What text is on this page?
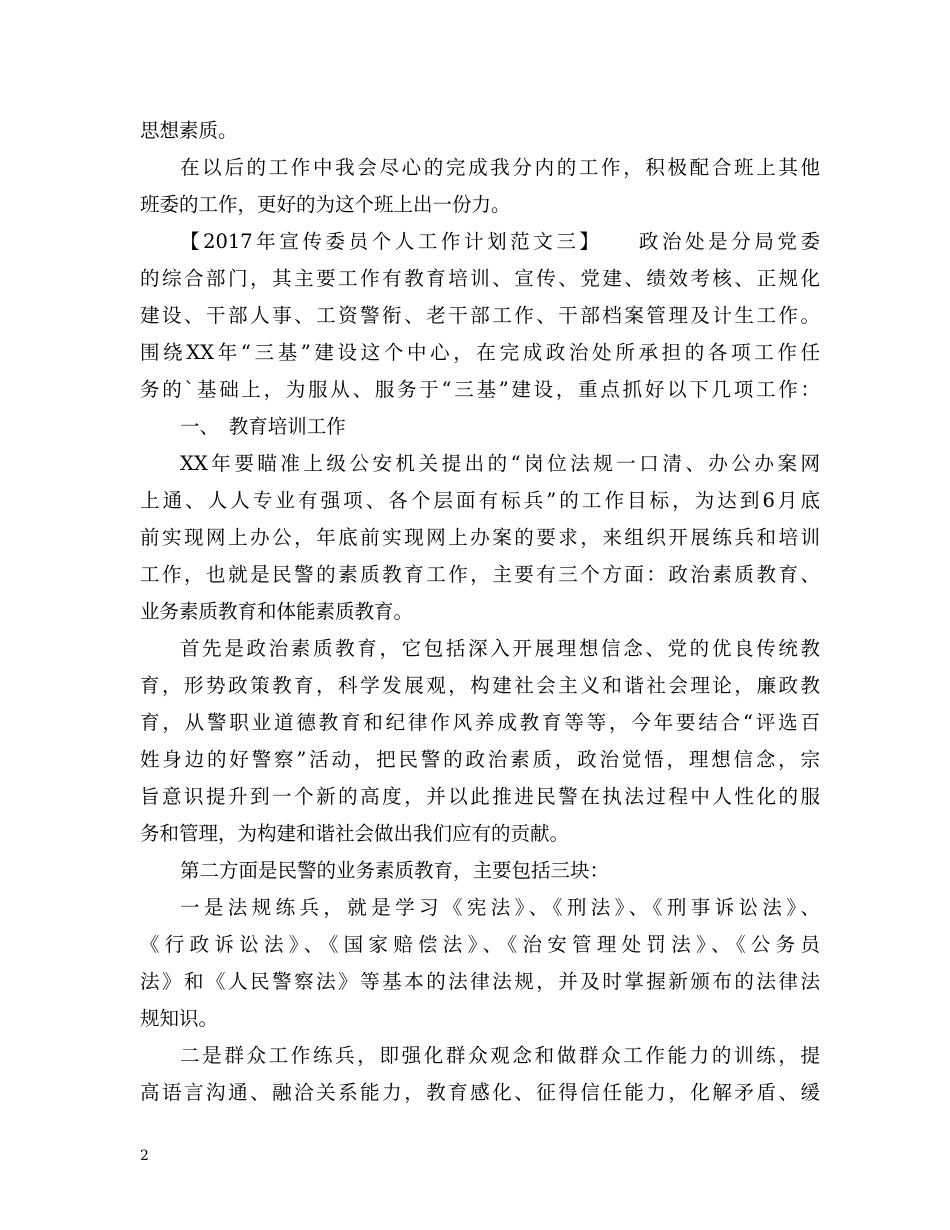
思想素质。
在以后的工作中我会尽心的完成我分内的工作，积极配合班上其他
班委的工作，更好的为这个班上出一份力。
【2017年宣传委员个人工作计划范文三】　　政治处是分局党委
的综合部门，其主要工作有教育培训、宣传、党建、绩效考核、正规化
建设、干部人事、工资警衔、老干部工作、干部档案管理及计生工作。
围绕XX年“三基”建设这个中心，在完成政治处所承担的各项工作任
务的`基础上，为服从、服务于“三基”建设，重点抓好以下几项工作：
一、　教育培训工作
XX年要瞄准上级公安机关提出的“岗位法规一口清、办公办案网
上通、人人专业有强项、各个层面有标兵”的工作目标，为达到6月底
前实现网上办公，年底前实现网上办案的要求，来组织开展练兵和培训
工作，也就是民警的素质教育工作，主要有三个方面：政治素质教育、
业务素质教育和体能素质教育。
首先是政治素质教育，它包括深入开展理想信念、党的优良传统教
育，形势政策教育，科学发展观，构建社会主义和谐社会理论，廉政教
育，从警职业道德教育和纪律作风养成教育等等，今年要结合“评选百
姓身边的好警察”活动，把民警的政治素质，政治觉悟，理想信念，宗
旨意识提升到一个新的高度，并以此推进民警在执法过程中人性化的服
务和管理，为构建和谐社会做出我们应有的贡献。
第二方面是民警的业务素质教育，主要包括三块：
一是法规练兵，就是学习《宪法》、《刑法》、《刑事诉讼法》、
《行政诉讼法》、《国家赔偿法》、《治安管理处罚法》、《公务员
法》和《人民警察法》等基本的法律法规，并及时掌握新颁布的法律法
规知识。
二是群众工作练兵，即强化群众观念和做群众工作能力的训练，提
高语言沟通、融洽关系能力，教育感化、征得信任能力，化解矛盾、缓
2
